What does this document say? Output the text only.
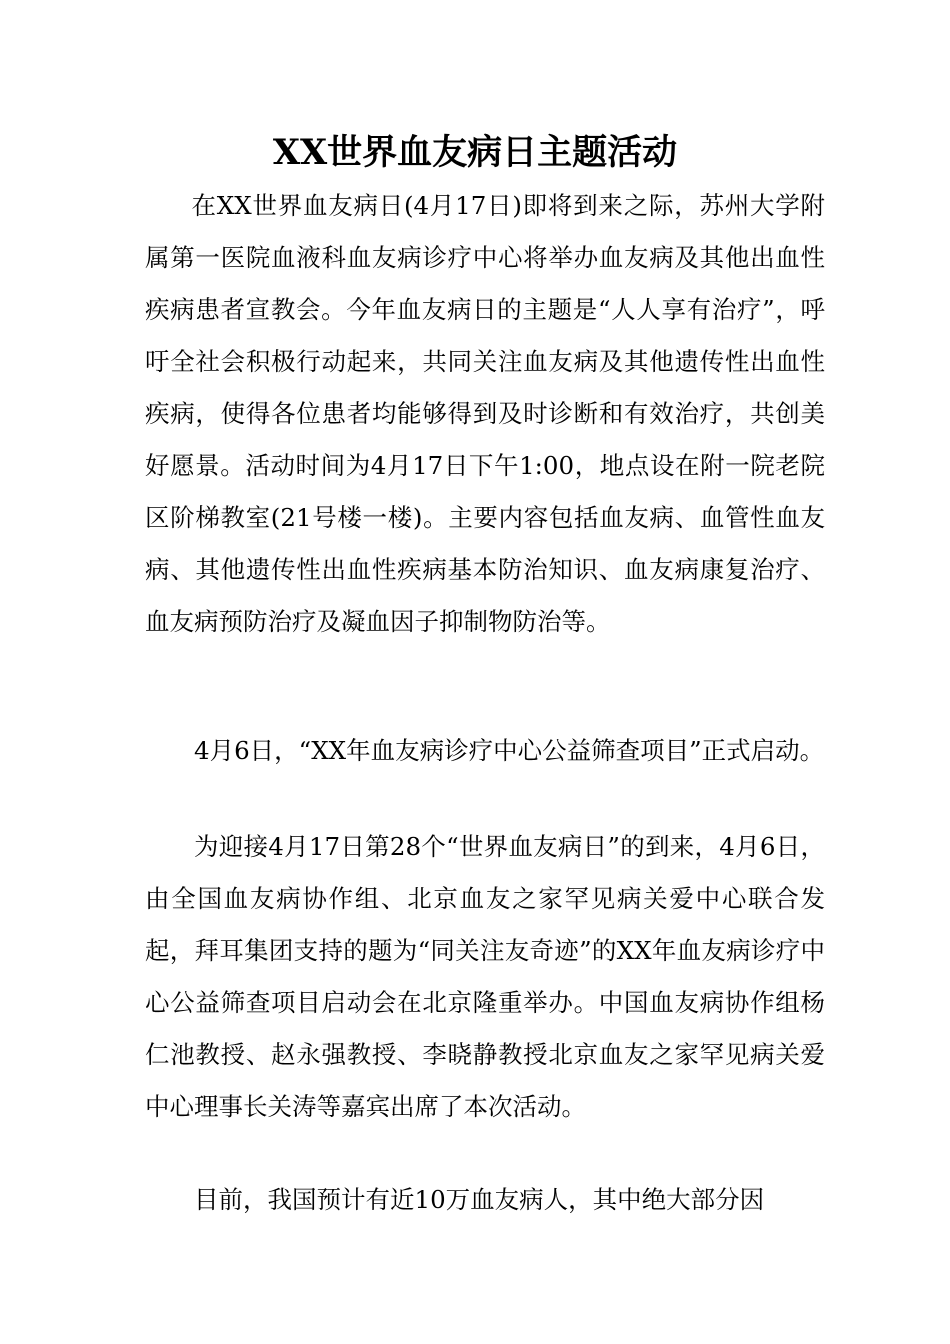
XX世界血友病日主题活动

在XX世界血友病日(4月17日)即将到来之际，苏州大学附属第一医院血液科血友病诊疗中心将举办血友病及其他出血性疾病患者宣教会。今年血友病日的主题是“人人享有治疗”，呼吁全社会积极行动起来，共同关注血友病及其他遗传性出血性疾病，使得各位患者均能够得到及时诊断和有效治疗，共创美好愿景。活动时间为4月17日下午1:00，地点设在附一院老院区阶梯教室(21号楼一楼)。主要内容包括血友病、血管性血友病、其他遗传性出血性疾病基本防治知识、血友病康复治疗、血友病预防治疗及凝血因子抑制物防治等。

4月6日，“XX年血友病诊疗中心公益筛查项目”正式启动。

为迎接4月17日第28个“世界血友病日”的到来，4月6日，由全国血友病协作组、北京血友之家罕见病关爱中心联合发起，拜耳集团支持的题为“同关注友奇迹”的XX年血友病诊疗中心公益筛查项目启动会在北京隆重举办。中国血友病协作组杨仁池教授、赵永强教授、李晓静教授北京血友之家罕见病关爱中心理事长关涛等嘉宾出席了本次活动。

目前，我国预计有近10万血友病人，其中绝大部分因
